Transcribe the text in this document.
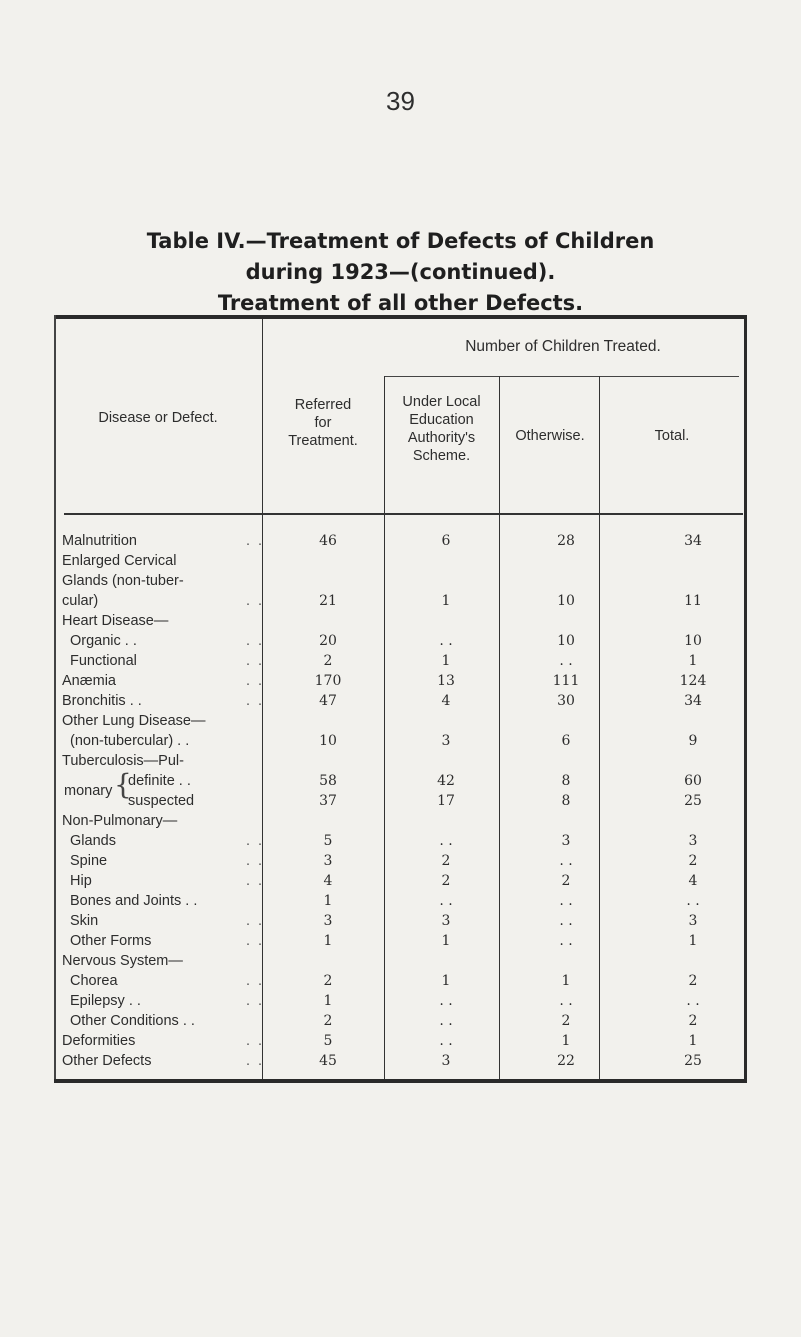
39
Table IV.—Treatment of Defects of Children
during 1923—(continued).
Treatment of all other Defects.
Disease or Defect.
Referred
for
Treatment.
Number of Children Treated.
Under Local
Education
Authority's
Scheme.
Otherwise.	Total.
Malnutrition	. .	46	6	28	34
Enlarged Cervical
Glands (non-tuber-
cular)	. .	21	1	10	11
Heart Disease—
Organic . .	. .	20	. .	10	10
Functional	. .	2	1	. .	1
Anæmia	. .	170	13	111	124
Bronchitis . .	. .	47	4	30	34
Other Lung Disease—
(non-tubercular) . .	10	3	6	9
Tuberculosis—Pul-
monary {
definite . .	58	42	8	60
suspected	37	17	8	25
Non-Pulmonary—
Glands	. .	5	. .	3	3
Spine	. .	3	2	. .	2
Hip	. .	4	2	2	4
Bones and Joints . .	1	. .	. .	. .
Skin	. .	3	3	. .	3
Other Forms	. .	1	1	. .	1
Nervous System—
Chorea	. .	2	1	1	2
Epilepsy . .	. .	1	. .	. .	. .
Other Conditions . .	2	. .	2	2
Deformities	. .	5	. .	1	1
Other Defects	. .	45	3	22	25
